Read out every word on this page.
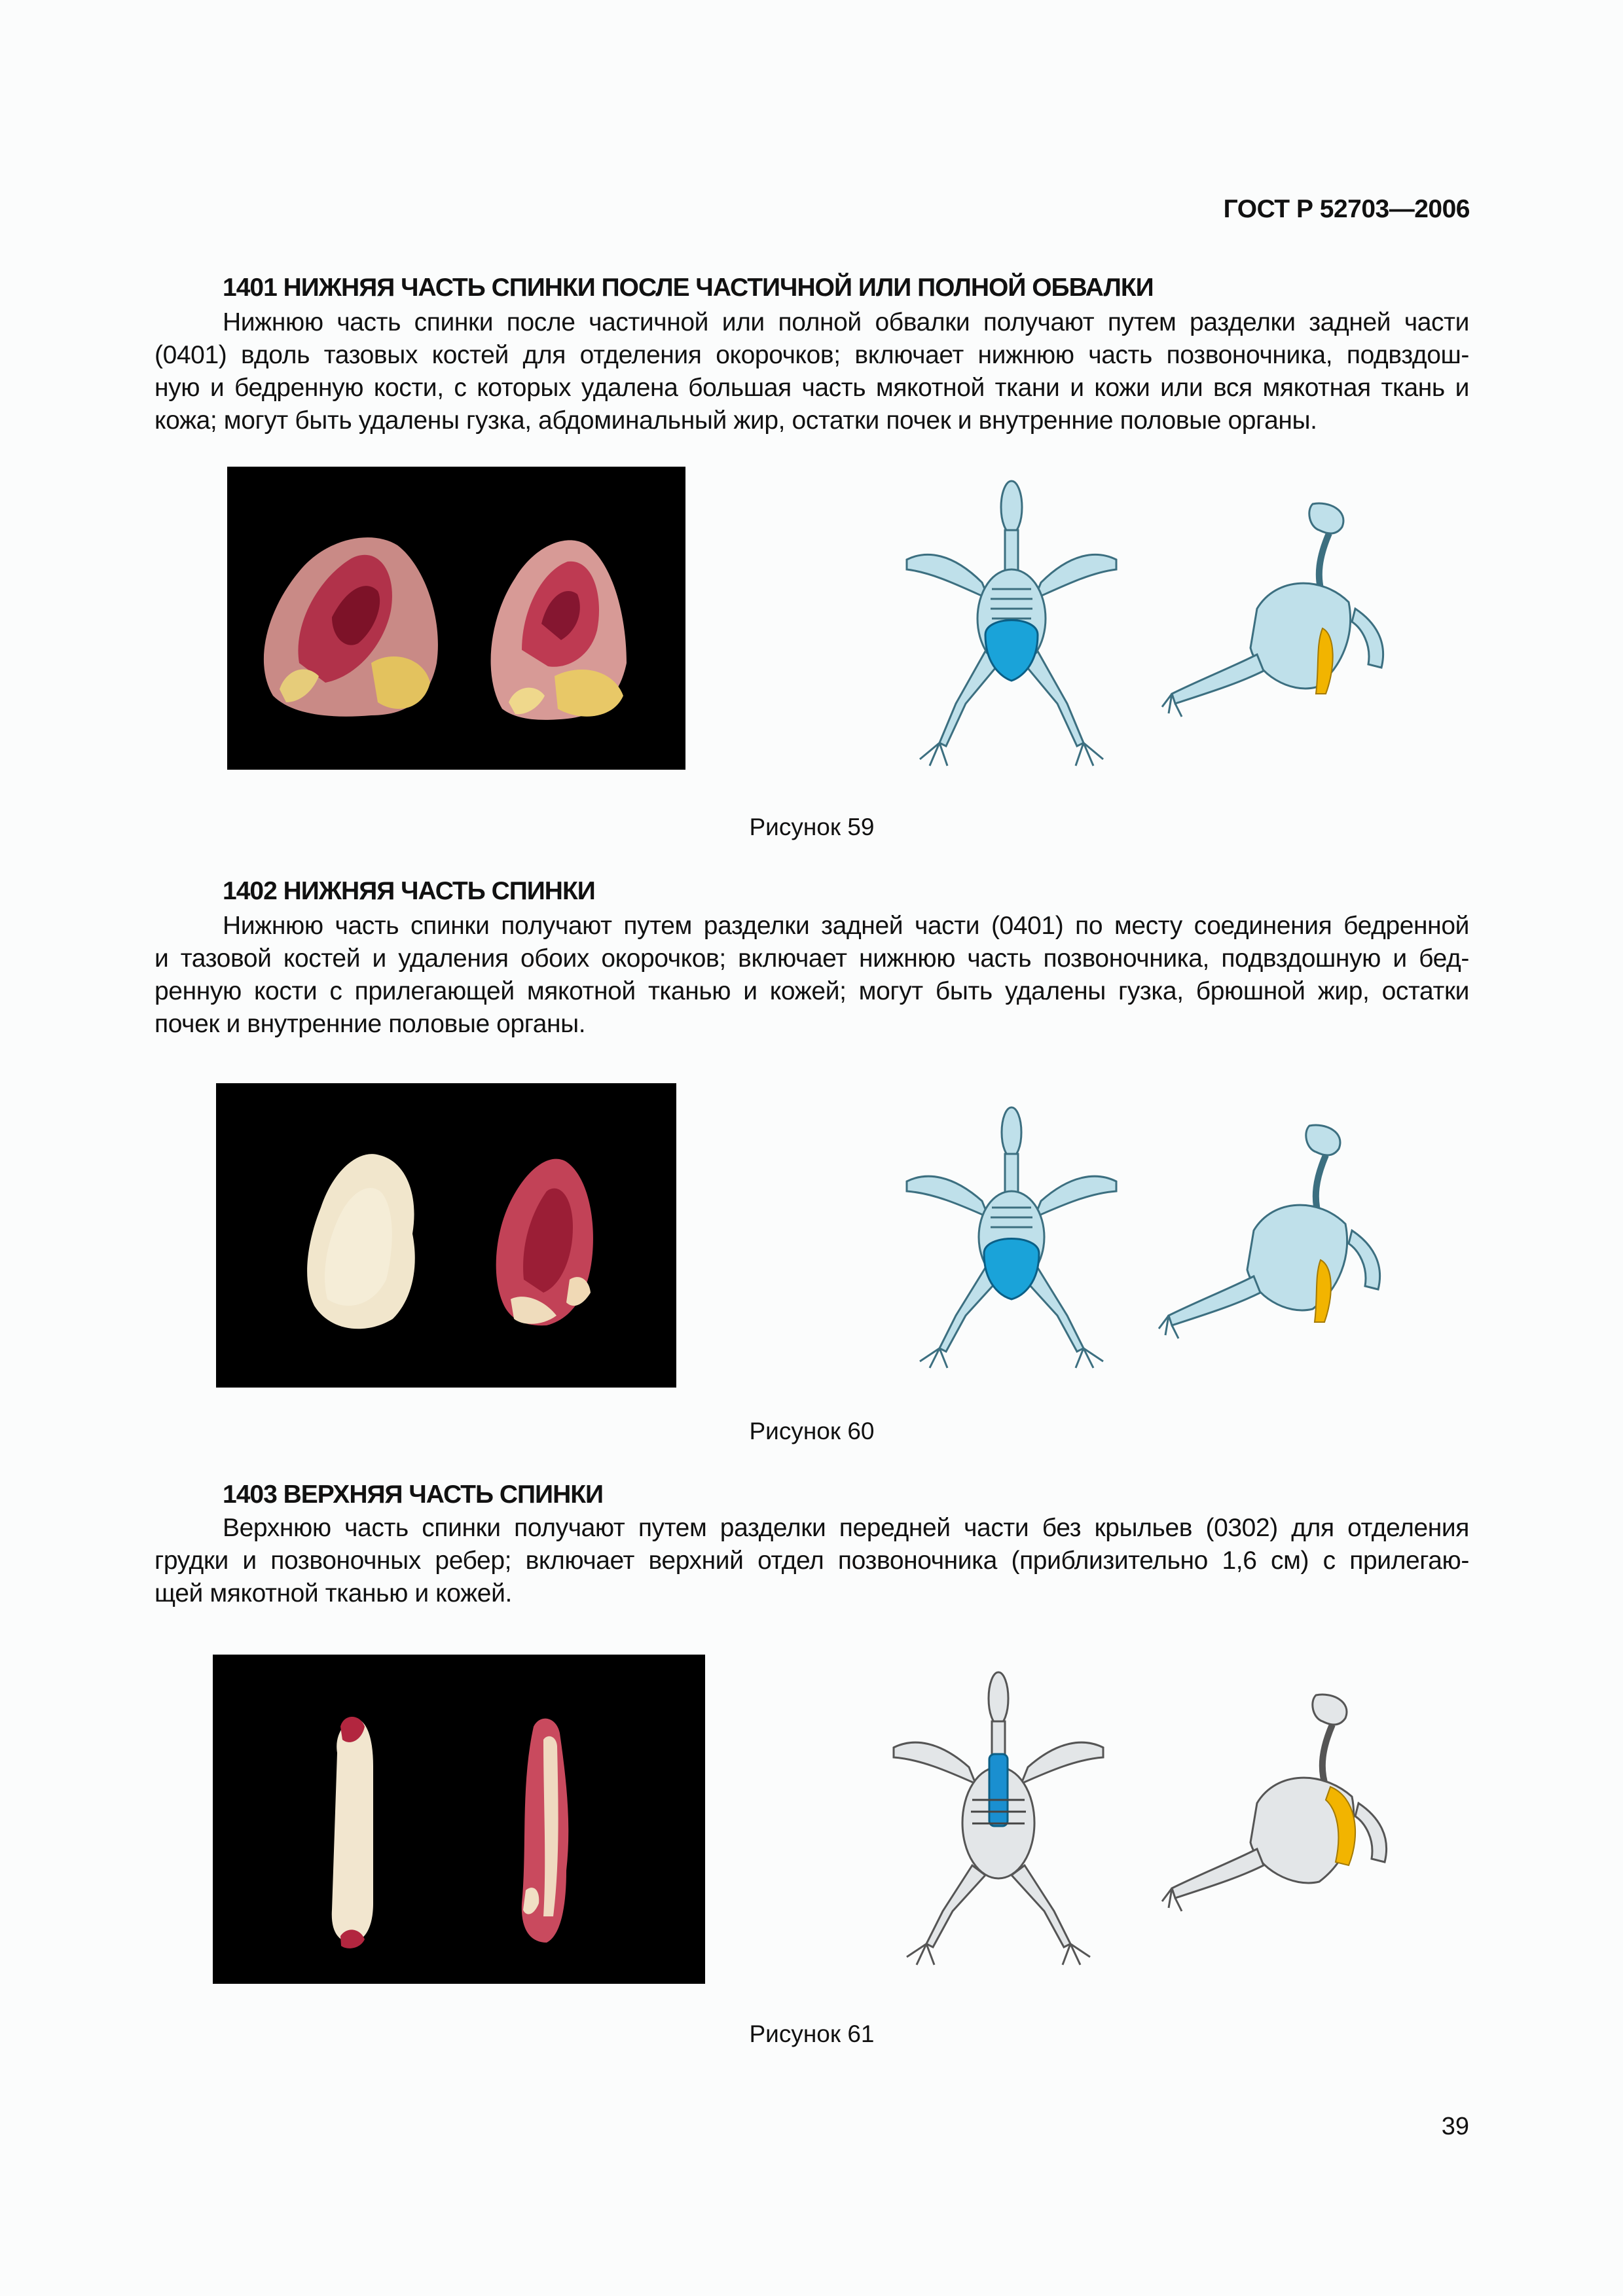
ГОСТ Р 52703—2006
1401 НИЖНЯЯ ЧАСТЬ СПИНКИ ПОСЛЕ ЧАСТИЧНОЙ ИЛИ ПОЛНОЙ ОБВАЛКИ
Нижнюю часть спинки после частичной или полной обвалки получают путем разделки задней части
(0401) вдоль тазовых костей для отделения окорочков; включает нижнюю часть позвоночника, подвздош-
ную и бедренную кости, с которых удалена большая часть мякотной ткани и кожи или вся мякотная ткань и
кожа; могут быть удалены гузка, абдоминальный жир, остатки почек и внутренние половые органы.
Рисунок 59
1402 НИЖНЯЯ ЧАСТЬ СПИНКИ
Нижнюю часть спинки получают путем разделки задней части (0401) по месту соединения бедренной
и тазовой костей и удаления обоих окорочков; включает нижнюю часть позвоночника, подвздошную и бед-
ренную кости с прилегающей мякотной тканью и кожей; могут быть удалены гузка, брюшной жир, остатки
почек и внутренние половые органы.
Рисунок 60
1403 ВЕРХНЯЯ ЧАСТЬ СПИНКИ
Верхнюю часть спинки получают путем разделки передней части без крыльев (0302) для отделения
грудки и позвоночных ребер; включает верхний отдел позвоночника (приблизительно 1,6 см) с прилегаю-
щей мякотной тканью и кожей.
Рисунок 61
39
